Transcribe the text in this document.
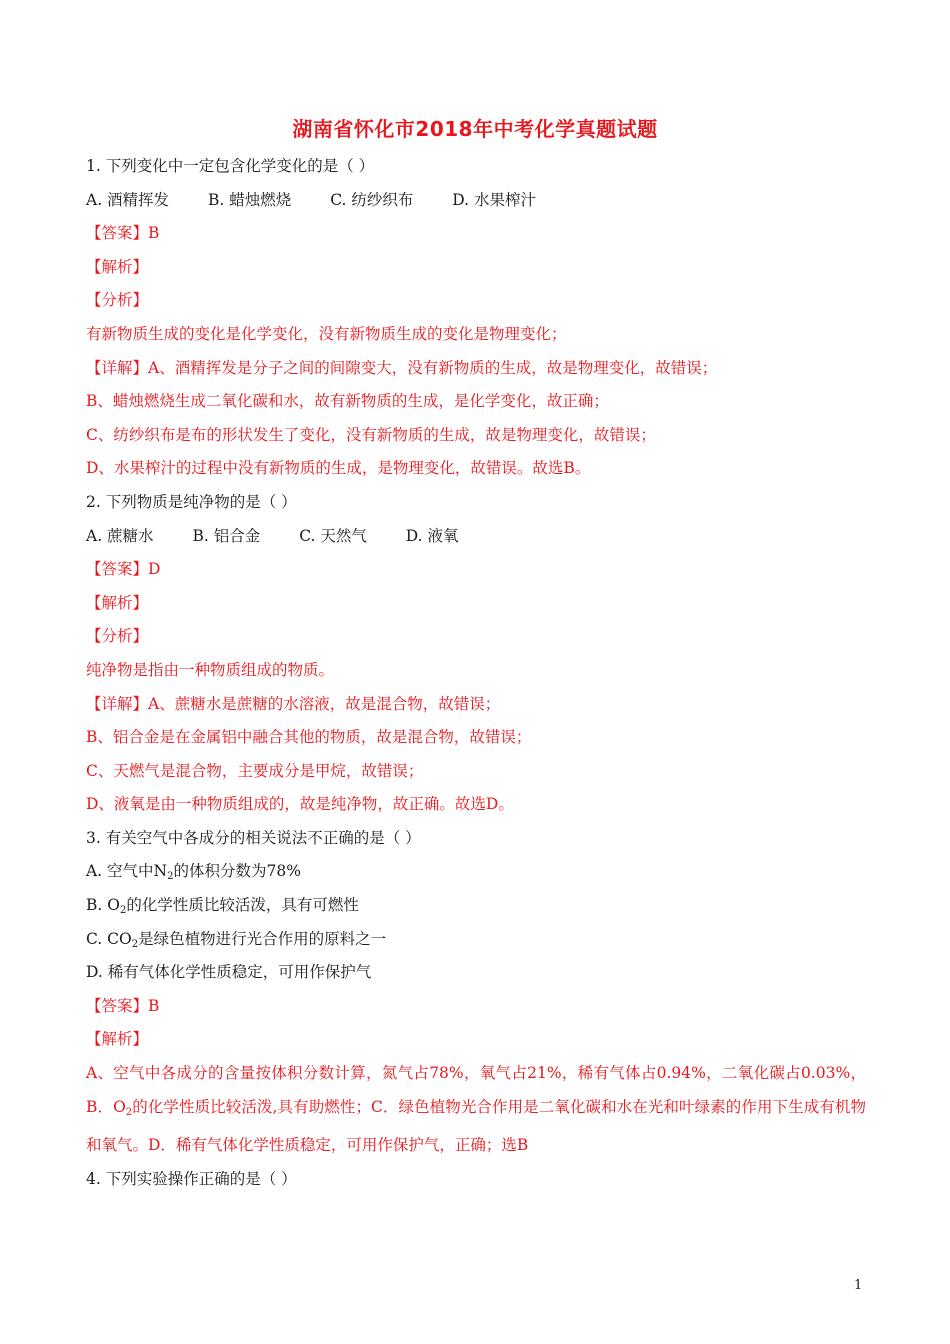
湖南省怀化市2018年中考化学真题试题
1. 下列变化中一定包含化学变化的是（ ）
A. 酒精挥发	B. 蜡烛燃烧	C. 纺纱织布	D. 水果榨汁
【答案】B
【解析】
【分析】
有新物质生成的变化是化学变化，没有新物质生成的变化是物理变化；
【详解】A、酒精挥发是分子之间的间隙变大，没有新物质的生成，故是物理变化，故错误；
B、蜡烛燃烧生成二氧化碳和水，故有新物质的生成，是化学变化，故正确；
C、纺纱织布是布的形状发生了变化，没有新物质的生成，故是物理变化，故错误；
D、水果榨汁的过程中没有新物质的生成，是物理变化，故错误。故选B。
2. 下列物质是纯净物的是（ ）
A. 蔗糖水	B. 铝合金	C. 天然气	D. 液氧
【答案】D
【解析】
【分析】
纯净物是指由一种物质组成的物质。
【详解】A、蔗糖水是蔗糖的水溶液，故是混合物，故错误；
B、铝合金是在金属铝中融合其他的物质，故是混合物，故错误；
C、天燃气是混合物，主要成分是甲烷，故错误；
D、液氧是由一种物质组成的，故是纯净物，故正确。故选D。
3. 有关空气中各成分的相关说法不正确的是（ ）
A. 空气中$N_2$的体积分数为78%
B. $O_2$的化学性质比较活泼，具有可燃性
C. $CO_2$是绿色植物进行光合作用的原料之一
D. 稀有气体化学性质稳定，可用作保护气
【答案】B
【解析】
A、空气中各成分的含量按体积分数计算，氮气占78%，氧气占21%，稀有气体占0.94%，二氧化碳占0.03%，B．$O_2$的化学性质比较活泼,具有助燃性；C．绿色植物光合作用是二氧化碳和水在光和叶绿素的作用下生成有机物和氧气。D．稀有气体化学性质稳定，可用作保护气，正确；选B
4. 下列实验操作正确的是（ ）
1
